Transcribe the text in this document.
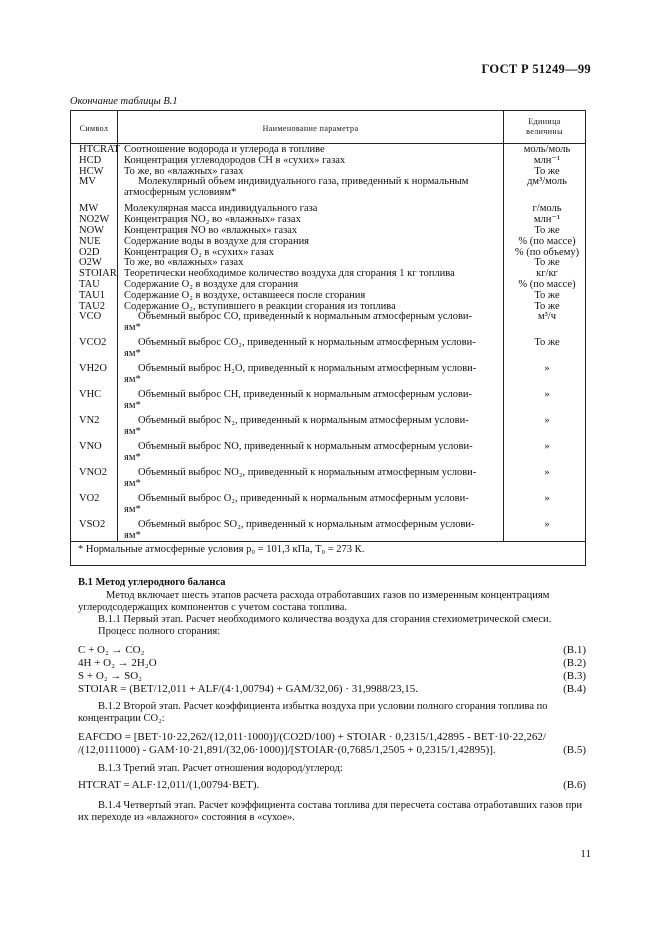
ГОСТ Р 51249—99
Окончание таблицы В.1
Символ	Наименование параметра
Единица
величины
HTCRAT Соотношение водорода и углерода в топливе	моль/моль
HCD Концентрация углеводородов СН в «сухих» газах	млн⁻¹
HCW То же, во «влажных» газах	То же
MV	Молекулярный объем индивидуального газа, приведенный к нормальным	дм³/моль
атмосферным условиям*
MW Молекулярная масса индивидуального газа	г/моль
NO2W Концентрация NO₂ во «влажных» газах	млн⁻¹
NOW Концентрация NO во «влажных» газах	То же
NUE Содержание воды в воздухе для сгорания	% (по массе)
O2D Концентрация O₂ в «сухих» газах	% (по объему)
O2W То же, во «влажных» газах	То же
STOIAR Теоретически необходимое количество воздуха для сгорания 1 кг топлива	кг/кг
TAU Содержание O₂ в воздухе для сгорания	% (по массе)
TAU1 Содержание O₂ в воздухе, оставшееся после сгорания	То же
TAU2 Содержание O₂, вступившего в реакции сгорания из топлива	То же
VCO	Объемный выброс CO, приведенный к нормальным атмосферным услови-	м³/ч
ям*
VCO2	Объемный выброс CO₂, приведенный к нормальным атмосферным услови-	То же
ям*
VH2O	Объемный выброс H₂O, приведенный к нормальным атмосферным услови-	»
ям*
VHC	Объемный выброс CH, приведенный к нормальным атмосферным услови-	»
ям*
VN2	Объемный выброс N₂, приведенный к нормальным атмосферным услови-	»
ям*
VNO	Объемный выброс NO, приведенный к нормальным атмосферным услови-	»
ям*
VNO2	Объемный выброс NO₂, приведенный к нормальным атмосферным услови-	»
ям*
VO2	Объемный выброс O₂, приведенный к нормальным атмосферным услови-	»
ям*
VSO2	Объемный выброс SO₂, приведенный к нормальным атмосферным услови-	»
ям*
* Нормальные атмосферные условия p₀ = 101,3 кПа, T₀ = 273 К.
В.1 Метод углеродного баланса
Метод включает шесть этапов расчета расхода отработавших газов по измеренным концентрациям углеродсодержащих компонентов с учетом состава топлива.
В.1.1 Первый этап. Расчет необходимого количества воздуха для сгорания стехиометрической смеси.
Процесс полного сгорания:
C + O₂ → CO₂	(В.1)
4H + O₂ → 2H₂O	(В.2)
S + O₂ → SO₂	(В.3)
STOIAR = (BET/12,011 + ALF/(4·1,00794) + GAM/32,06) · 31,9988/23,15.	(В.4)
В.1.2 Второй этап. Расчет коэффициента избытка воздуха при условии полного сгорания топлива по концентрации CO₂:
EAFCDO = [BET·10·22,262/(12,011·1000)]/(CO2D/100) + STOIAR · 0,2315/1,42895 - BET·10·22,262/
/(12,0111000) - GAM·10·21,891/(32,06·1000)]/[STOIAR·(0,7685/1,2505 + 0,2315/1,42895)].	(В.5)
В.1.3 Третий этап. Расчет отношения водород/углерод:
HTCRAT = ALF·12,011/(1,00794·BET).	(В.6)
В.1.4 Четвертый этап. Расчет коэффициента состава топлива для пересчета состава отработавших газов при их переходе из «влажного» состояния в «сухое».
11
